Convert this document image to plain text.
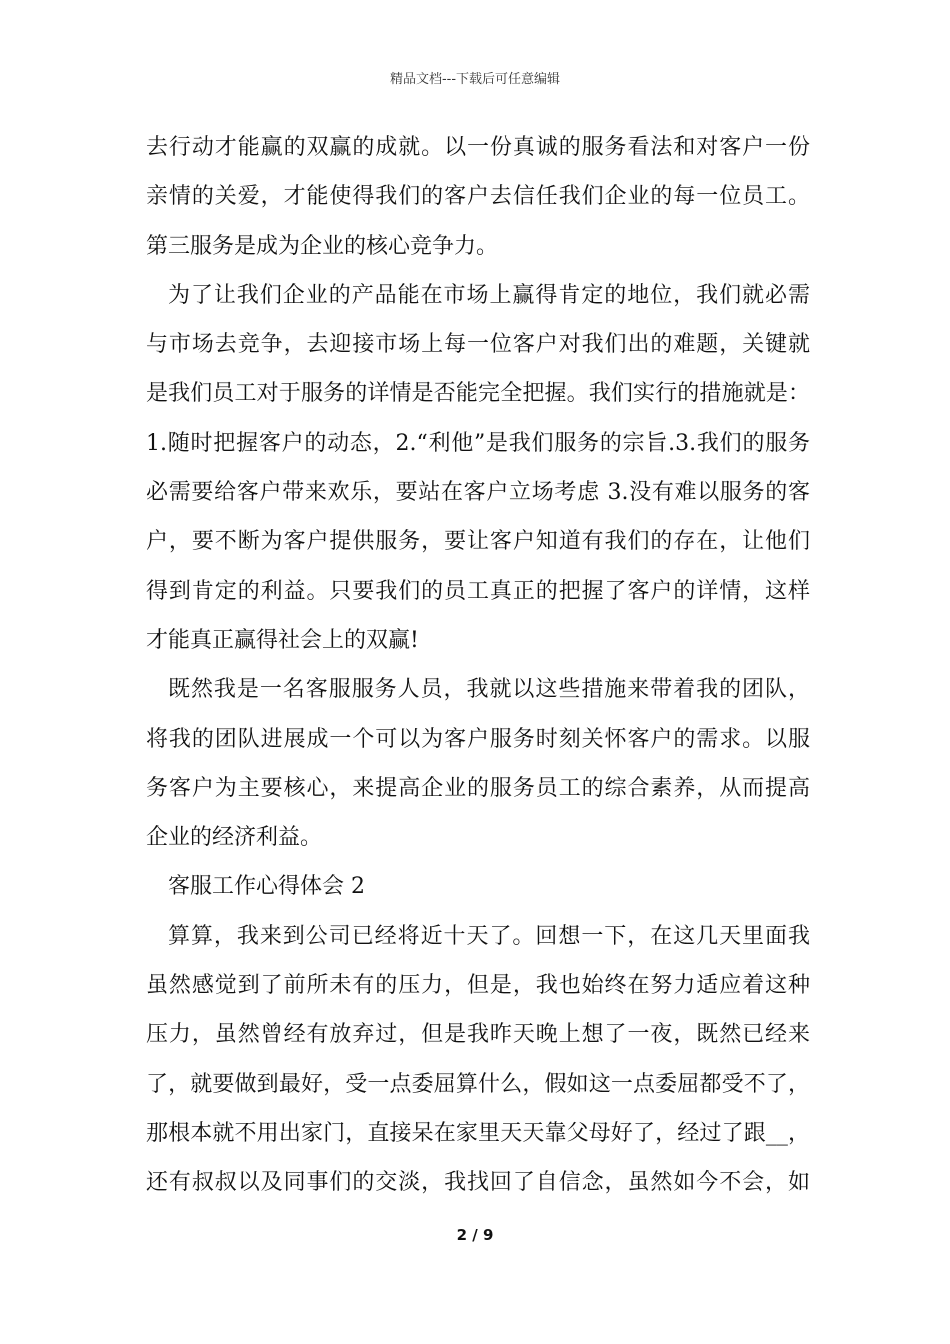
精品文档---下载后可任意编辑
去行动才能赢的双赢的成就。以一份真诚的服务看法和对客户一份
亲情的关爱，才能使得我们的客户去信任我们企业的每一位员工。
第三服务是成为企业的核心竞争力。
为了让我们企业的产品能在市场上赢得肯定的地位，我们就必需
与市场去竞争，去迎接市场上每一位客户对我们出的难题，关键就
是我们员工对于服务的详情是否能完全把握。我们实行的措施就是：
1.随时把握客户的动态，2.“利他”是我们服务的宗旨.3.我们的服务
必需要给客户带来欢乐，要站在客户立场考虑 3.没有难以服务的客
户，要不断为客户提供服务，要让客户知道有我们的存在，让他们
得到肯定的利益。只要我们的员工真正的把握了客户的详情，这样
才能真正赢得社会上的双赢!
既然我是一名客服服务人员，我就以这些措施来带着我的团队，
将我的团队进展成一个可以为客户服务时刻关怀客户的需求。以服
务客户为主要核心，来提高企业的服务员工的综合素养，从而提高
企业的经济利益。
客服工作心得体会 2
算算，我来到公司已经将近十天了。回想一下，在这几天里面我
虽然感觉到了前所未有的压力，但是，我也始终在努力适应着这种
压力，虽然曾经有放弃过，但是我昨天晚上想了一夜，既然已经来
了，就要做到最好，受一点委屈算什么，假如这一点委屈都受不了，
那根本就不用出家门，直接呆在家里天天靠父母好了，经过了跟__，
还有叔叔以及同事们的交淡，我找回了自信念，虽然如今不会，如
2 / 9
